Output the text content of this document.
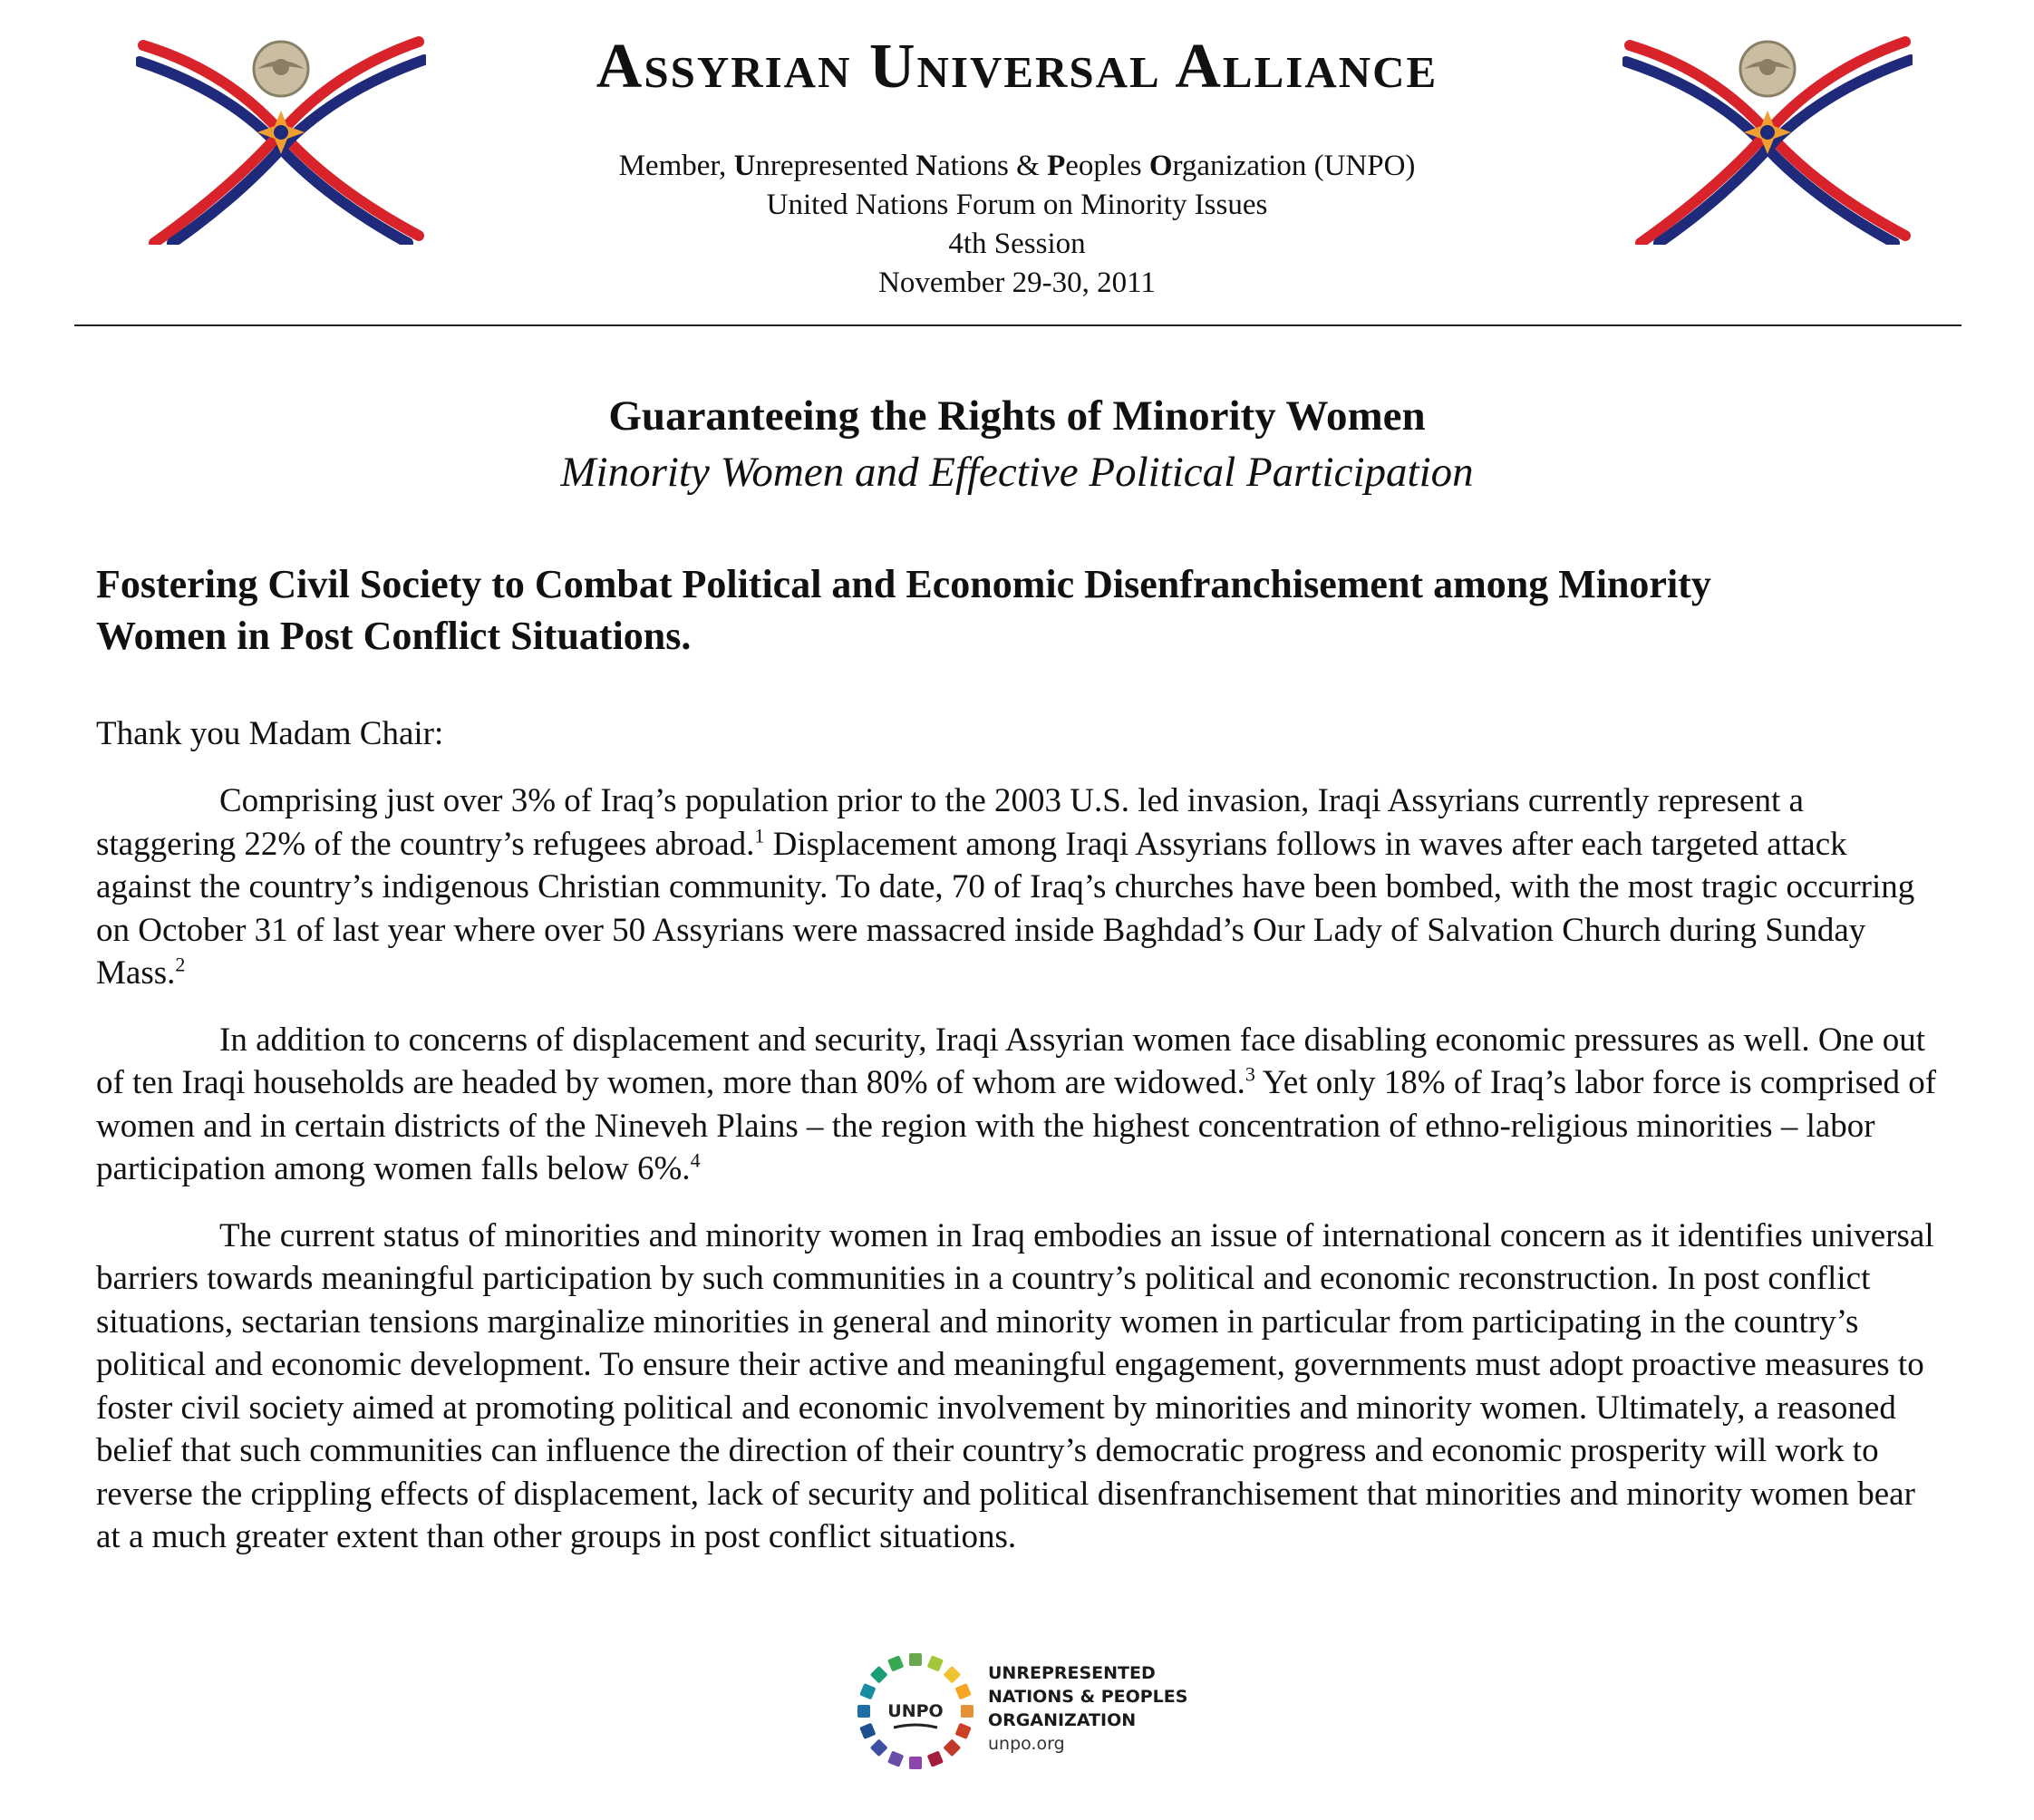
Assyrian Universal Alliance
Member, Unrepresented Nations & Peoples Organization (UNPO)
United Nations Forum on Minority Issues
4th Session
November 29-30, 2011
Guaranteeing the Rights of Minority Women
Minority Women and Effective Political Participation
Fostering Civil Society to Combat Political and Economic Disenfranchisement among Minority
Women in Post Conflict Situations.
Thank you Madam Chair:

Comprising just over 3% of Iraq’s population prior to the 2003 U.S. led invasion, Iraqi Assyrians currently represent a staggering 22% of the country’s refugees abroad.$^1$ Displacement among Iraqi Assyrians follows in waves after each targeted attack against the country’s indigenous Christian community. To date, 70 of Iraq’s churches have been bombed, with the most tragic occurring on October 31 of last year where over 50 Assyrians were massacred inside Baghdad’s Our Lady of Salvation Church during Sunday Mass.$^2$

In addition to concerns of displacement and security, Iraqi Assyrian women face disabling economic pressures as well. One out of ten Iraqi households are headed by women, more than 80% of whom are widowed.$^3$ Yet only 18% of Iraq’s labor force is comprised of women and in certain districts of the Nineveh Plains – the region with the highest concentration of ethno-religious minorities – labor participation among women falls below 6%.$^4$

The current status of minorities and minority women in Iraq embodies an issue of international concern as it identifies universal barriers towards meaningful participation by such communities in a country’s political and economic reconstruction. In post conflict situations, sectarian tensions marginalize minorities in general and minority women in particular from participating in the country’s political and economic development. To ensure their active and meaningful engagement, governments must adopt proactive measures to foster civil society aimed at promoting political and economic involvement by minorities and minority women. Ultimately, a reasoned belief that such communities can influence the direction of their country’s democratic progress and economic prosperity will work to reverse the crippling effects of displacement, lack of security and political disenfranchisement that minorities and minority women bear at a much greater extent than other groups in post conflict situations.

UNPO
UNREPRESENTED
NATIONS & PEOPLES
ORGANIZATION
unpo.org
